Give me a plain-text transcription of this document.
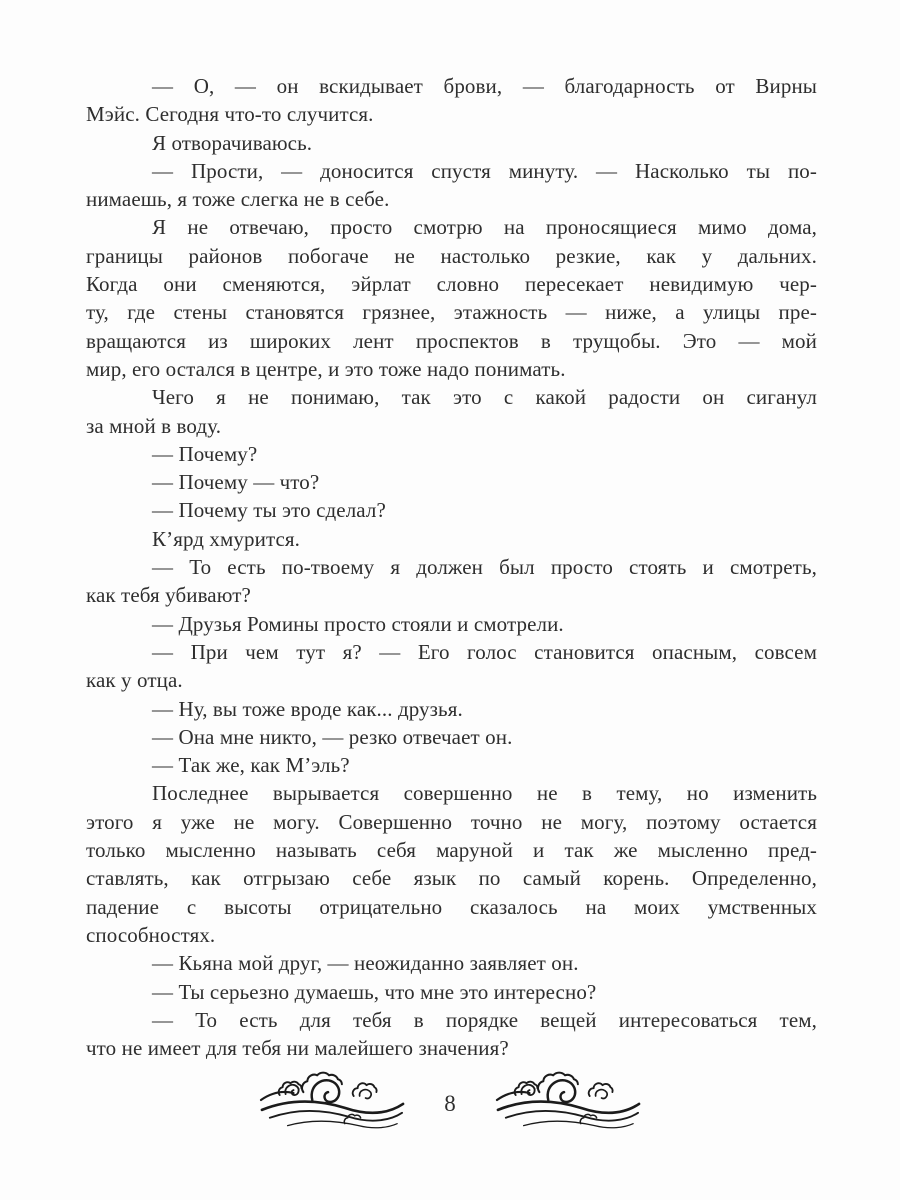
— О, — он вскидывает брови, — благодарность от Вирны
Мэйс. Сегодня что-то случится.

Я отворачиваюсь.

— Прости, — доносится спустя минуту. — Насколько ты по-
нимаешь, я тоже слегка не в себе.

Я не отвечаю, просто смотрю на проносящиеся мимо дома,
границы районов побогаче не настолько резкие, как у дальних.
Когда они сменяются, эйрлат словно пересекает невидимую чер-
ту, где стены становятся грязнее, этажность — ниже, а улицы пре-
вращаются из широких лент проспектов в трущобы. Это — мой
мир, его остался в центре, и это тоже надо понимать.

Чего я не понимаю, так это с какой радости он сиганул
за мной в воду.

— Почему?

— Почему — что?

— Почему ты это сделал?

К’ярд хмурится.

— То есть по-твоему я должен был просто стоять и смотреть,
как тебя убивают?

— Друзья Ромины просто стояли и смотрели.

— При чем тут я? — Его голос становится опасным, совсем
как у отца.

— Ну, вы тоже вроде как... друзья.

— Она мне никто, — резко отвечает он.

— Так же, как М’эль?

Последнее вырывается совершенно не в тему, но изменить
этого я уже не могу. Совершенно точно не могу, поэтому остается
только мысленно называть себя маруной и так же мысленно пред-
ставлять, как отгрызаю себе язык по самый корень. Определенно,
падение с высоты отрицательно сказалось на моих умственных
способностях.

— Кьяна мой друг, — неожиданно заявляет он.

— Ты серьезно думаешь, что мне это интересно?

— То есть для тебя в порядке вещей интересоваться тем,
что не имеет для тебя ни малейшего значения?

8
